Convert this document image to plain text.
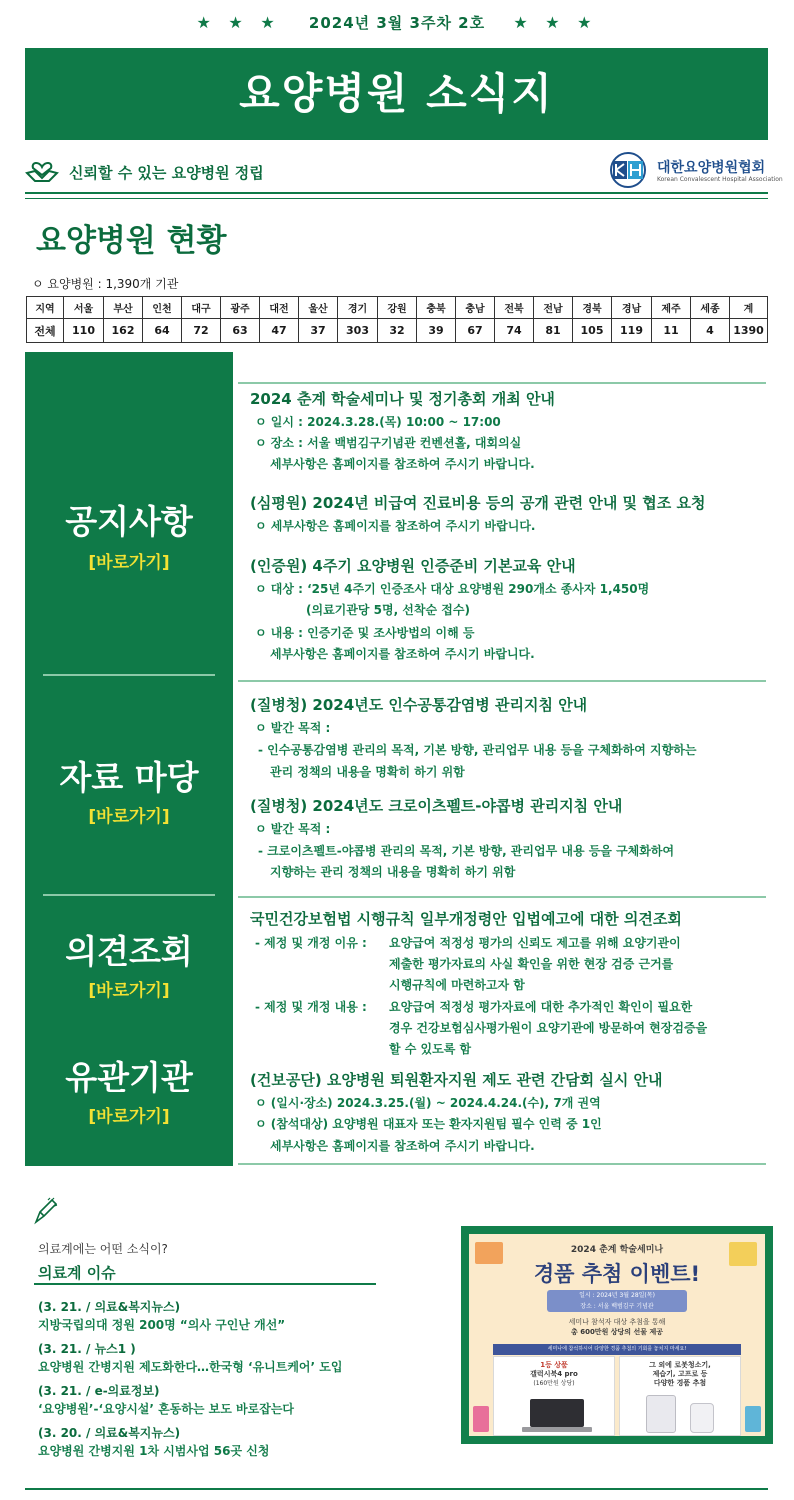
★ ★ ★ 2024년 3월 3주차 2호 ★ ★ ★
요양병원 소식지
신뢰할 수 있는 요양병원 정립	대한요양병원협회
Korean Convalescent Hospital Association
요양병원 현황
ㅇ 요양병원 : 1,390개 기관
지역	서울	부산	인천	대구	광주	대전	울산	경기	강원	충북	충남	전북	전남	경북	경남	제주	세종	계
전체	110	162	64	72	63	47	37	303	32	39	67	74	81	105	119	11	4	1390
공지사항
[바로가기]
자료 마당
[바로가기]
의견조회
[바로가기]
유관기관
[바로가기]
2024 춘계 학술세미나 및 정기총회 개최 안내
ㅇ 일시 : 2024.3.28.(목) 10:00 ~ 17:00
ㅇ 장소 : 서울 백범김구기념관 컨벤션홀, 대회의실
세부사항은 홈페이지를 참조하여 주시기 바랍니다.
(심평원) 2024년 비급여 진료비용 등의 공개 관련 안내 및 협조 요청
ㅇ 세부사항은 홈페이지를 참조하여 주시기 바랍니다.
(인증원) 4주기 요양병원 인증준비 기본교육 안내
ㅇ 대상 : ‘25년 4주기 인증조사 대상 요양병원 290개소 종사자 1,450명
(의료기관당 5명, 선착순 접수)
ㅇ 내용 : 인증기준 및 조사방법의 이해 등
세부사항은 홈페이지를 참조하여 주시기 바랍니다.
(질병청) 2024년도 인수공통감염병 관리지침 안내
ㅇ 발간 목적 :
- 인수공통감염병 관리의 목적, 기본 방향, 관리업무 내용 등을 구체화하여 지향하는
관리 정책의 내용을 명확히 하기 위함
(질병청) 2024년도 크로이츠펠트-야콥병 관리지침 안내
ㅇ 발간 목적 :
- 크로이츠펠트-야콥병 관리의 목적, 기본 방향, 관리업무 내용 등을 구체화하여
지향하는 관리 정책의 내용을 명확히 하기 위함
국민건강보험법 시행규칙 일부개정령안 입법예고에 대한 의견조회
- 제정 및 개정 이유 : 요양급여 적정성 평가의 신뢰도 제고를 위해 요양기관이
제출한 평가자료의 사실 확인을 위한 현장 검증 근거를
시행규칙에 마련하고자 함
- 제정 및 개정 내용 : 요양급여 적정성 평가자료에 대한 추가적인 확인이 필요한
경우 건강보험심사평가원이 요양기관에 방문하여 현장검증을
할 수 있도록 함
(건보공단) 요양병원 퇴원환자지원 제도 관련 간담회 실시 안내
ㅇ (일시·장소) 2024.3.25.(월) ~ 2024.4.24.(수), 7개 권역
ㅇ (참석대상) 요양병원 대표자 또는 환자지원팀 필수 인력 중 1인
세부사항은 홈페이지를 참조하여 주시기 바랍니다.
의료계에는 어떤 소식이?
의료계 이슈
(3. 21. / 의료&복지뉴스)
지방국립의대 정원 200명 “의사 구인난 개선”
(3. 21. / 뉴스1 )
요양병원 간병지원 제도화한다…한국형 ‘유니트케어’ 도입
(3. 21. / e-의료정보)
‘요양병원’-‘요양시설’ 혼동하는 보도 바로잡는다
(3. 20. / 의료&복지뉴스)
요양병원 간병지원 1차 시범사업 56곳 신청
2024 춘계 학술세미나
경품 추첨 이벤트!
일시 : 2024년 3월 28일(목)
장소 : 서울 백범김구 기념관
세미나 참석자 대상 추첨을 통해
총 600만원 상당의 선물 제공
세미나에 참석하시어 다양한 경품 추첨의 기회를 놓치지 마세요!
1등 상품
갤럭시북4 pro
(160만원 상당)
그 외에 로봇청소기,
제습기, 고프로 등
다양한 경품 추첨
